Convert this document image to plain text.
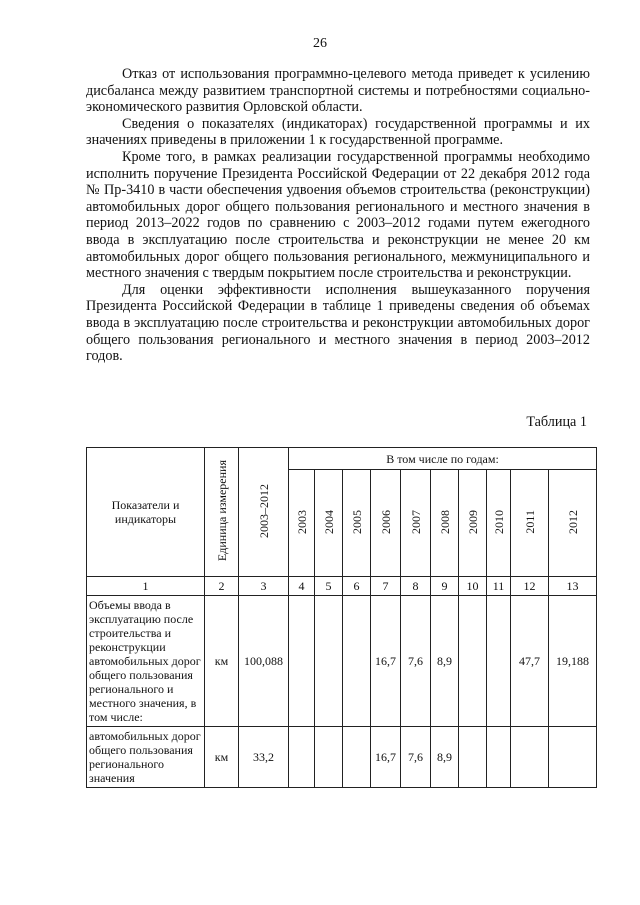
26

Отказ от использования программно-целевого метода приведет к усилению дисбаланса между развитием транспортной системы и потребностями социально-экономического развития Орловской области.

Сведения о показателях (индикаторах) государственной программы и их значениях приведены в приложении 1 к государственной программе.

Кроме того, в рамках реализации государственной программы необходимо исполнить поручение Президента Российской Федерации от 22 декабря 2012 года № Пр-3410 в части обеспечения удвоения объемов строительства (реконструкции) автомобильных дорог общего пользования регионального и местного значения в период 2013–2022 годов по сравнению с 2003–2012 годами путем ежегодного ввода в эксплуатацию после строительства и реконструкции не менее 20 км автомобильных дорог общего пользования регионального, межмуниципального и местного значения с твердым покрытием после строительства и реконструкции.

Для оценки эффективности исполнения вышеуказанного поручения Президента Российской Федерации в таблице 1 приведены сведения об объемах ввода в эксплуатацию после строительства и реконструкции автомобильных дорог общего пользования регионального и местного значения в период 2003–2012 годов.

Таблица 1
Показатели и индикаторы	Единица измерения	2003–2012	В том числе по годам:									
			2003	2004	2005	2006	2007	2008	2009	2010	2011	2012
1	2	3	4	5	6	7	8	9	10	11	12	13
Объемы ввода в эксплуатацию после строительства и реконструкции автомобильных дорог общего пользования регионального и местного значения, в том числе:	км	100,088				16,7	7,6	8,9			47,7	19,188
автомобильных дорог общего пользования регионального значения	км	33,2				16,7	7,6	8,9				
